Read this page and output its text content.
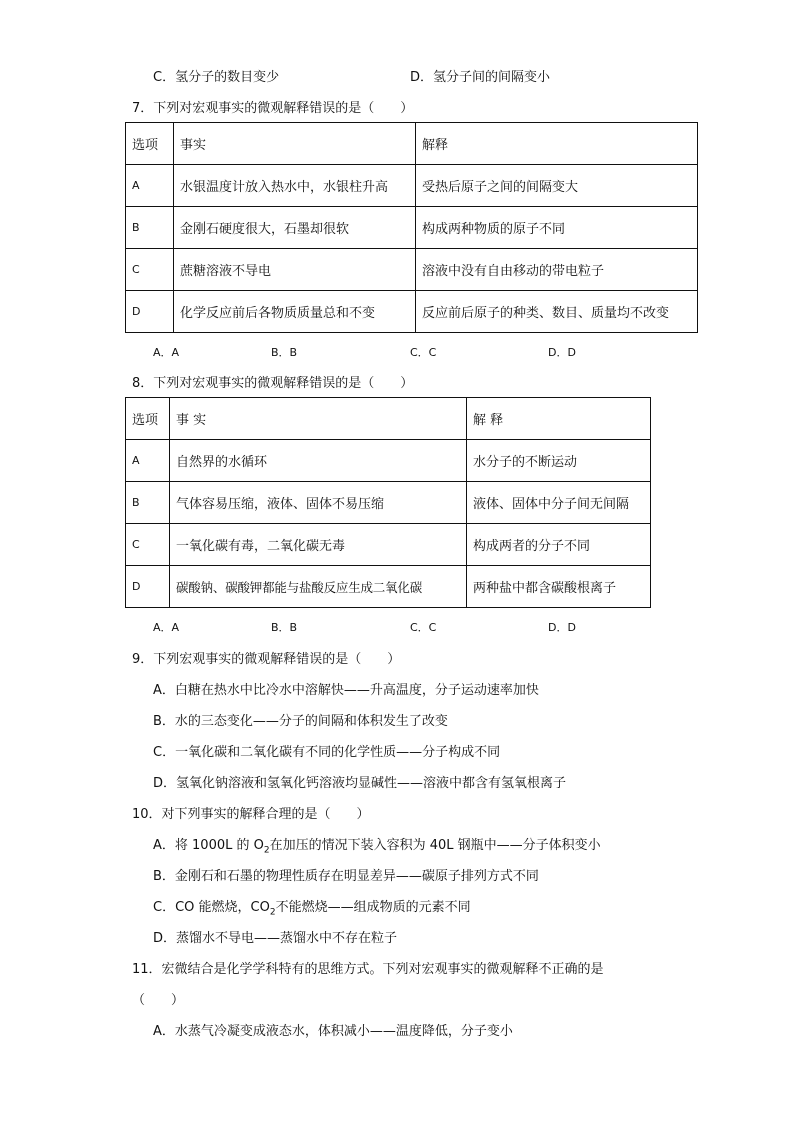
C．氢分子的数目变少	D．氢分子间的间隔变小
7．下列对宏观事实的微观解释错误的是（　　）
选项	事实	解释
A	水银温度计放入热水中，水银柱升高	受热后原子之间的间隔变大
B	金刚石硬度很大，石墨却很软	构成两种物质的原子不同
C	蔗糖溶液不导电	溶液中没有自由移动的带电粒子
D	化学反应前后各物质质量总和不变	反应前后原子的种类、数目、质量均不改变
A．A	B．B	C．C	D．D
8．下列对宏观事实的微观解释错误的是（　　）
选项	事 实	解 释
A	自然界的水循环	水分子的不断运动
B	气体容易压缩，液体、固体不易压缩	液体、固体中分子间无间隔
C	一氧化碳有毒，二氧化碳无毒	构成两者的分子不同
D	碳酸钠、碳酸钾都能与盐酸反应生成二氧化碳	两种盐中都含碳酸根离子
A．A	B．B	C．C	D．D
9．下列宏观事实的微观解释错误的是（　　）
A．白糖在热水中比冷水中溶解快——升高温度，分子运动速率加快
B．水的三态变化——分子的间隔和体积发生了改变
C．一氧化碳和二氧化碳有不同的化学性质——分子构成不同
D．氢氧化钠溶液和氢氧化钙溶液均显碱性——溶液中都含有氢氧根离子
10．对下列事实的解释合理的是（　　）
A．将 1000L 的 $O_2$在加压的情况下装入容积为 40L 钢瓶中——分子体积变小
B．金刚石和石墨的物理性质存在明显差异——碳原子排列方式不同
C．CO 能燃烧，$CO_2$不能燃烧——组成物质的元素不同
D．蒸馏水不导电——蒸馏水中不存在粒子
11．宏微结合是化学学科特有的思维方式。下列对宏观事实的微观解释不正确的是
（　　）
A．水蒸气冷凝变成液态水，体积减小——温度降低，分子变小
